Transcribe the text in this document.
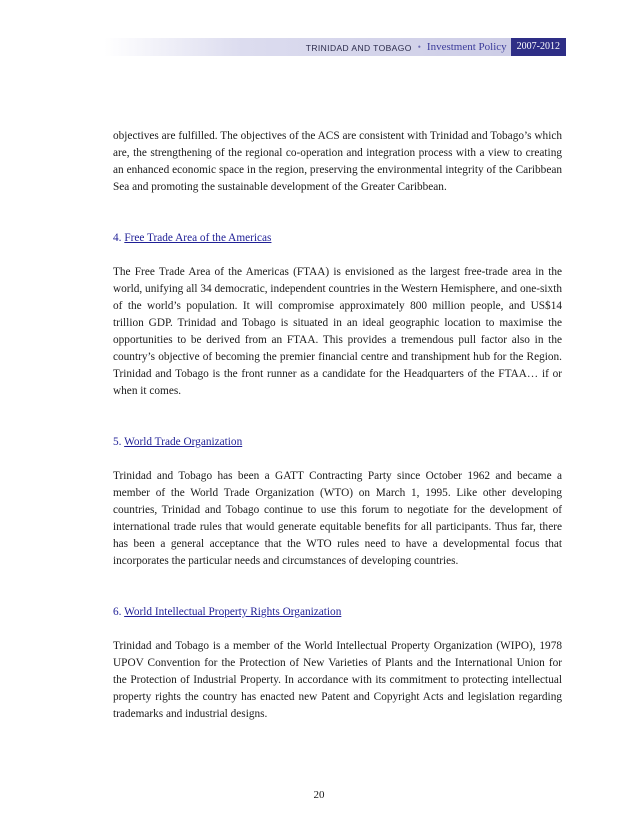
TRINIDAD AND TOBAGO • Investment Policy	2007-2012

objectives are fulfilled. The objectives of the ACS are consistent with Trinidad and Tobago’s which are, the strengthening of the regional co-operation and integration process with a view to creating an enhanced economic space in the region, preserving the environmental integrity of the Caribbean Sea and promoting the sustainable development of the Greater Caribbean.

4. Free Trade Area of the Americas

The Free Trade Area of the Americas (FTAA) is envisioned as the largest free-trade area in the world, unifying all 34 democratic, independent countries in the Western Hemisphere, and one-sixth of the world’s population. It will compromise approximately 800 million people, and US$14 trillion GDP. Trinidad and Tobago is situated in an ideal geographic location to maximise the opportunities to be derived from an FTAA. This provides a tremendous pull factor also in the country’s objective of becoming the premier financial centre and transhipment hub for the Region. Trinidad and Tobago is the front runner as a candidate for the Headquarters of the FTAA… if or when it comes.

5. World Trade Organization

Trinidad and Tobago has been a GATT Contracting Party since October 1962 and became a member of the World Trade Organization (WTO) on March 1, 1995. Like other developing countries, Trinidad and Tobago continue to use this forum to negotiate for the development of international trade rules that would generate equitable benefits for all participants. Thus far, there has been a general acceptance that the WTO rules need to have a developmental focus that incorporates the particular needs and circumstances of developing countries.

6. World Intellectual Property Rights Organization

Trinidad and Tobago is a member of the World Intellectual Property Organization (WIPO), 1978 UPOV Convention for the Protection of New Varieties of Plants and the International Union for the Protection of Industrial Property. In accordance with its commitment to protecting intellectual property rights the country has enacted new Patent and Copyright Acts and legislation regarding trademarks and industrial designs.

20
